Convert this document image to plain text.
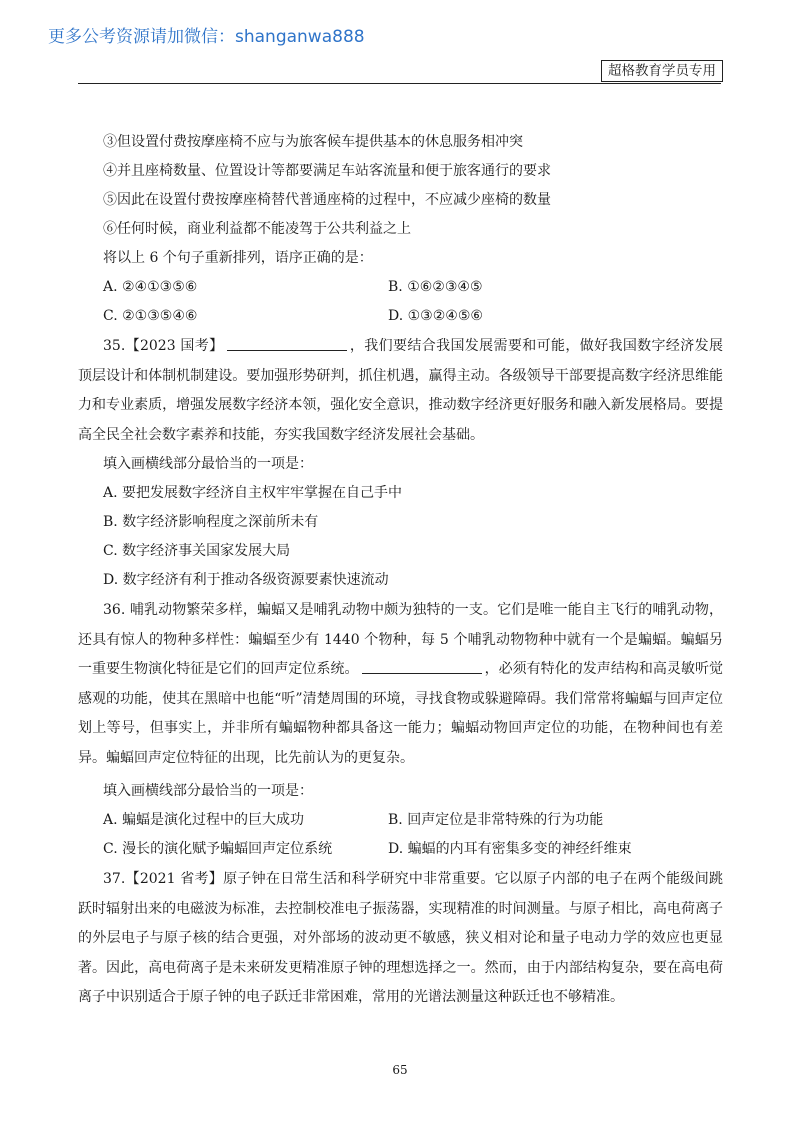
更多公考资源请加微信：shanganwa888
超格教育学员专用
③但设置付费按摩座椅不应与为旅客候车提供基本的休息服务相冲突
④并且座椅数量、位置设计等都要满足车站客流量和便于旅客通行的要求
⑤因此在设置付费按摩座椅替代普通座椅的过程中，不应减少座椅的数量
⑥任何时候，商业利益都不能凌驾于公共利益之上
将以上 6 个句子重新排列，语序正确的是：
A. ②④①③⑤⑥	B. ①⑥②③④⑤
C. ②①③⑤④⑥	D. ①③②④⑤⑥

35.【2023 国考】	，我们要结合我国发展需要和可能，做好我国数字经济发展顶层设计和体制机制建设。要加强形势研判，抓住机遇，赢得主动。各级领导干部要提高数字经济思维能力和专业素质，增强发展数字经济本领，强化安全意识，推动数字经济更好服务和融入新发展格局。要提高全民全社会数字素养和技能，夯实我国数字经济发展社会基础。

填入画横线部分最恰当的一项是：
A. 要把发展数字经济自主权牢牢掌握在自己手中
B. 数字经济影响程度之深前所未有
C. 数字经济事关国家发展大局
D. 数字经济有利于推动各级资源要素快速流动

36. 哺乳动物繁荣多样，蝙蝠又是哺乳动物中颇为独特的一支。它们是唯一能自主飞行的哺乳动物，还具有惊人的物种多样性：蝙蝠至少有 1440 个物种，每 5 个哺乳动物物种中就有一个是蝙蝠。蝙蝠另一重要生物演化特征是它们的回声定位系统。	，必须有特化的发声结构和高灵敏听觉感观的功能，使其在黑暗中也能“听”清楚周围的环境，寻找食物或躲避障碍。我们常常将蝙蝠与回声定位划上等号，但事实上，并非所有蝙蝠物种都具备这一能力；蝙蝠动物回声定位的功能，在物种间也有差异。蝙蝠回声定位特征的出现，比先前认为的更复杂。

填入画横线部分最恰当的一项是：
A. 蝙蝠是演化过程中的巨大成功	B. 回声定位是非常特殊的行为功能
C. 漫长的演化赋予蝙蝠回声定位系统	D. 蝙蝠的内耳有密集多变的神经纤维束

37.【2021 省考】原子钟在日常生活和科学研究中非常重要。它以原子内部的电子在两个能级间跳跃时辐射出来的电磁波为标准，去控制校准电子振荡器，实现精准的时间测量。与原子相比，高电荷离子的外层电子与原子核的结合更强，对外部场的波动更不敏感，狭义相对论和量子电动力学的效应也更显著。因此，高电荷离子是未来研发更精准原子钟的理想选择之一。然而，由于内部结构复杂，要在高电荷离子中识别适合于原子钟的电子跃迁非常困难，常用的光谱法测量这种跃迁也不够精准。

65
